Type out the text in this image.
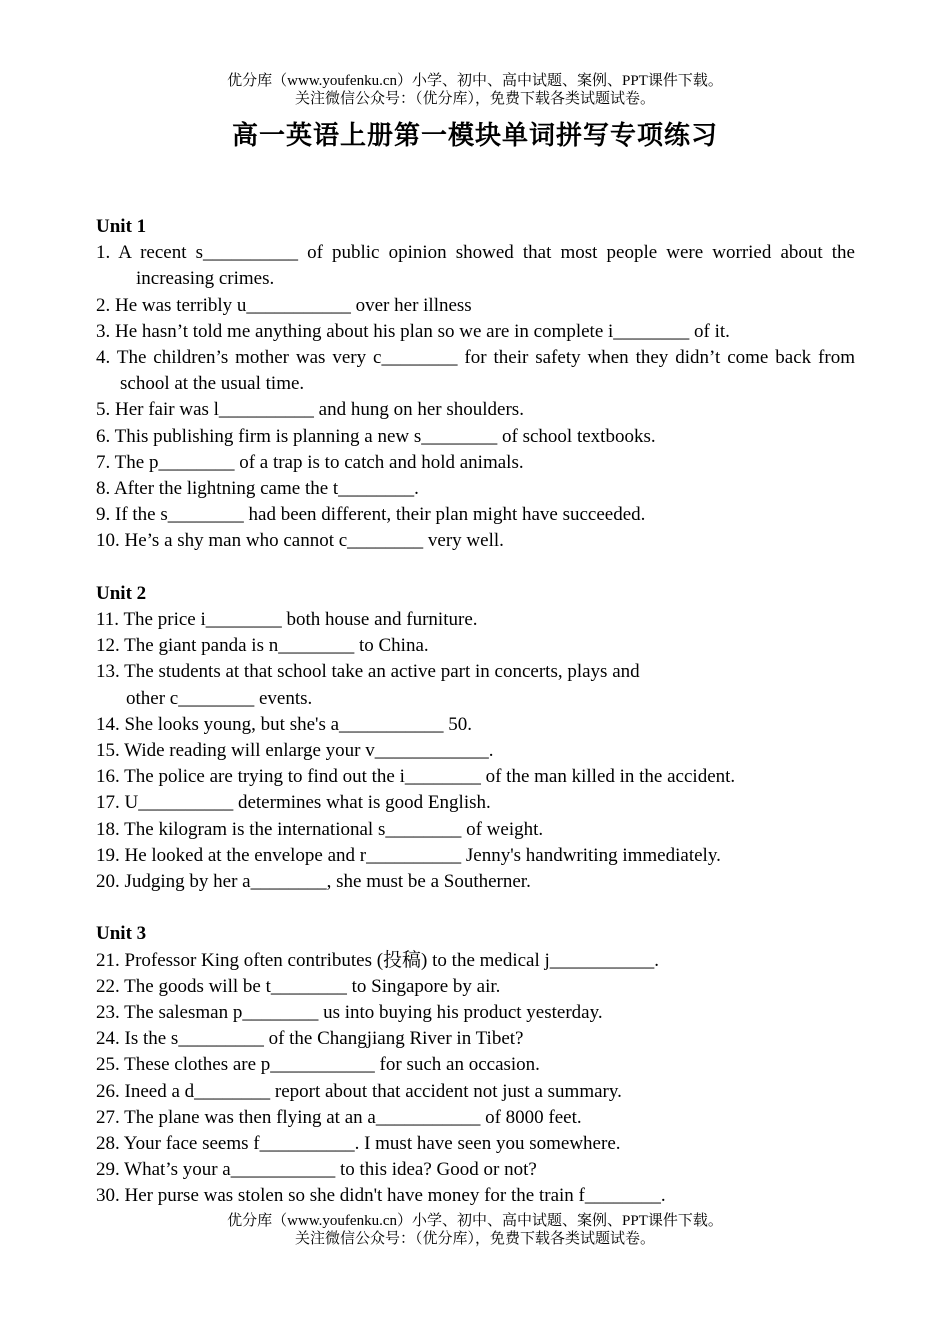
优分库（www.youfenku.cn）小学、初中、高中试题、案例、PPT课件下载。
关注微信公众号：（优分库），免费下载各类试题试卷。
高一英语上册第一模块单词拼写专项练习
Unit 1
1. A recent s__________ of public opinion showed that most people were worried about the increasing crimes.
2. He was terribly u___________ over her illness
3. He hasn’t told me anything about his plan so we are in complete i________ of it.
4. The children’s mother was very c________ for their safety when they didn’t come back from school at the usual time.
5. Her fair was l__________ and hung on her shoulders.
6. This publishing firm is planning a new s________ of school textbooks.
7. The p________ of a trap is to catch and hold animals.
8. After the lightning came the t________.
9. If the s________ had been different, their plan might have succeeded.
10. He’s a shy man who cannot c________ very well.
Unit 2
11. The price i________ both house and furniture.
12. The giant panda is n________ to China.
13. The students at that school take an active part in concerts, plays and
other c________ events.
14. She looks young, but she's a___________ 50.
15. Wide reading will enlarge your v____________.
16. The police are trying to find out the i________ of the man killed in the accident.
17. U__________ determines what is good English.
18. The kilogram is the international s________ of weight.
19. He looked at the envelope and r__________ Jenny's handwriting immediately.
20. Judging by her a________, she must be a Southerner.
Unit 3
21. Professor King often contributes (投稿) to the medical j___________.
22. The goods will be t________ to Singapore by air.
23. The salesman p________ us into buying his product yesterday.
24. Is the s_________ of the Changjiang River in Tibet?
25. These clothes are p___________ for such an occasion.
26. Ineed a d________ report about that accident not just a summary.
27. The plane was then flying at an a___________ of 8000 feet.
28. Your face seems f__________. I must have seen you somewhere.
29. What’s your a___________ to this idea? Good or not?
30. Her purse was stolen so she didn't have money for the train f________.
优分库（www.youfenku.cn）小学、初中、高中试题、案例、PPT课件下载。
关注微信公众号：（优分库），免费下载各类试题试卷。
